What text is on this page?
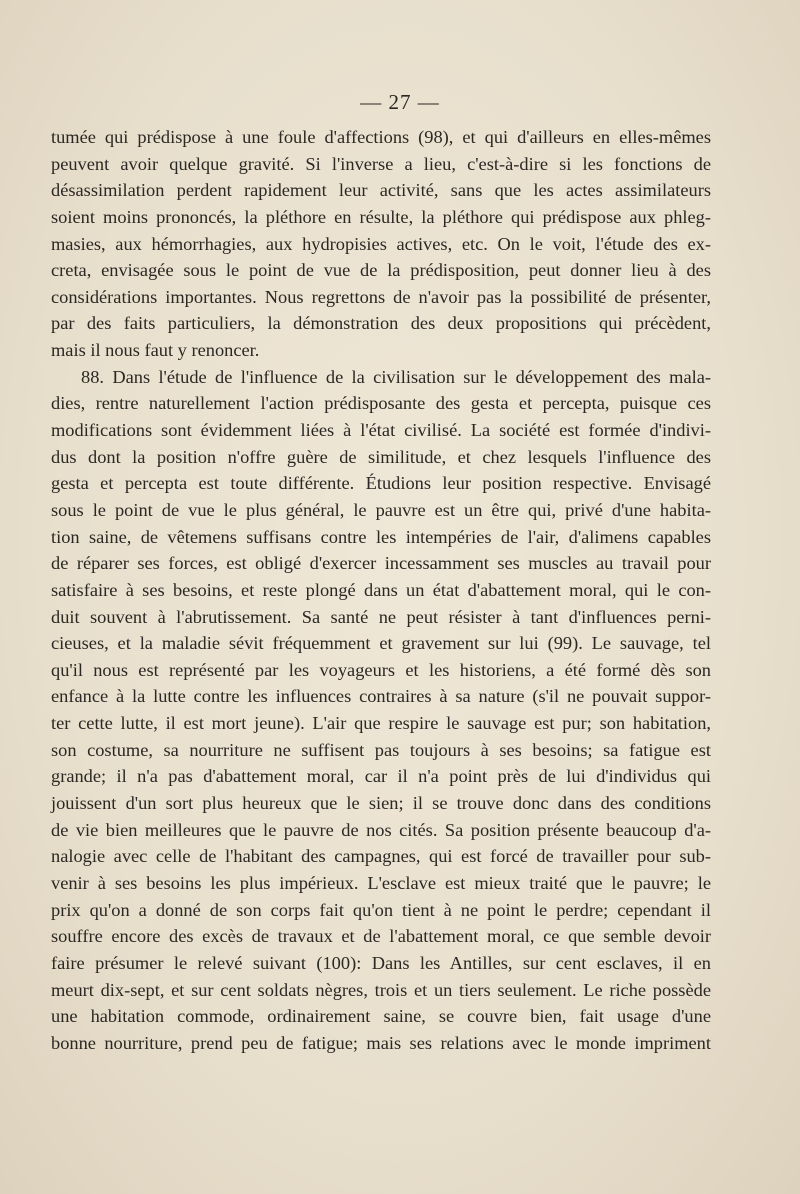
— 27 —
tumée qui prédispose à une foule d'affections (98), et qui d'ailleurs en elles-mêmes
peuvent avoir quelque gravité. Si l'inverse a lieu, c'est-à-dire si les fonctions de
désassimilation perdent rapidement leur activité, sans que les actes assimilateurs
soient moins prononcés, la pléthore en résulte, la pléthore qui prédispose aux phleg-
masies, aux hémorrhagies, aux hydropisies actives, etc. On le voit, l'étude des ex-
creta, envisagée sous le point de vue de la prédisposition, peut donner lieu à des
considérations importantes. Nous regrettons de n'avoir pas la possibilité de présenter,
par des faits particuliers, la démonstration des deux propositions qui précèdent,
mais il nous faut y renoncer.
88. Dans l'étude de l'influence de la civilisation sur le développement des mala-
dies, rentre naturellement l'action prédisposante des gesta et percepta, puisque ces
modifications sont évidemment liées à l'état civilisé. La société est formée d'indivi-
dus dont la position n'offre guère de similitude, et chez lesquels l'influence des
gesta et percepta est toute différente. Étudions leur position respective. Envisagé
sous le point de vue le plus général, le pauvre est un être qui, privé d'une habita-
tion saine, de vêtemens suffisans contre les intempéries de l'air, d'alimens capables
de réparer ses forces, est obligé d'exercer incessamment ses muscles au travail pour
satisfaire à ses besoins, et reste plongé dans un état d'abattement moral, qui le con-
duit souvent à l'abrutissement. Sa santé ne peut résister à tant d'influences perni-
cieuses, et la maladie sévit fréquemment et gravement sur lui (99). Le sauvage, tel
qu'il nous est représenté par les voyageurs et les historiens, a été formé dès son
enfance à la lutte contre les influences contraires à sa nature (s'il ne pouvait suppor-
ter cette lutte, il est mort jeune). L'air que respire le sauvage est pur; son habitation,
son costume, sa nourriture ne suffisent pas toujours à ses besoins; sa fatigue est
grande; il n'a pas d'abattement moral, car il n'a point près de lui d'individus qui
jouissent d'un sort plus heureux que le sien; il se trouve donc dans des conditions
de vie bien meilleures que le pauvre de nos cités. Sa position présente beaucoup d'a-
nalogie avec celle de l'habitant des campagnes, qui est forcé de travailler pour sub-
venir à ses besoins les plus impérieux. L'esclave est mieux traité que le pauvre; le
prix qu'on a donné de son corps fait qu'on tient à ne point le perdre; cependant il
souffre encore des excès de travaux et de l'abattement moral, ce que semble devoir
faire présumer le relevé suivant (100): Dans les Antilles, sur cent esclaves, il en
meurt dix-sept, et sur cent soldats nègres, trois et un tiers seulement. Le riche possède
une habitation commode, ordinairement saine, se couvre bien, fait usage d'une
bonne nourriture, prend peu de fatigue; mais ses relations avec le monde impriment
